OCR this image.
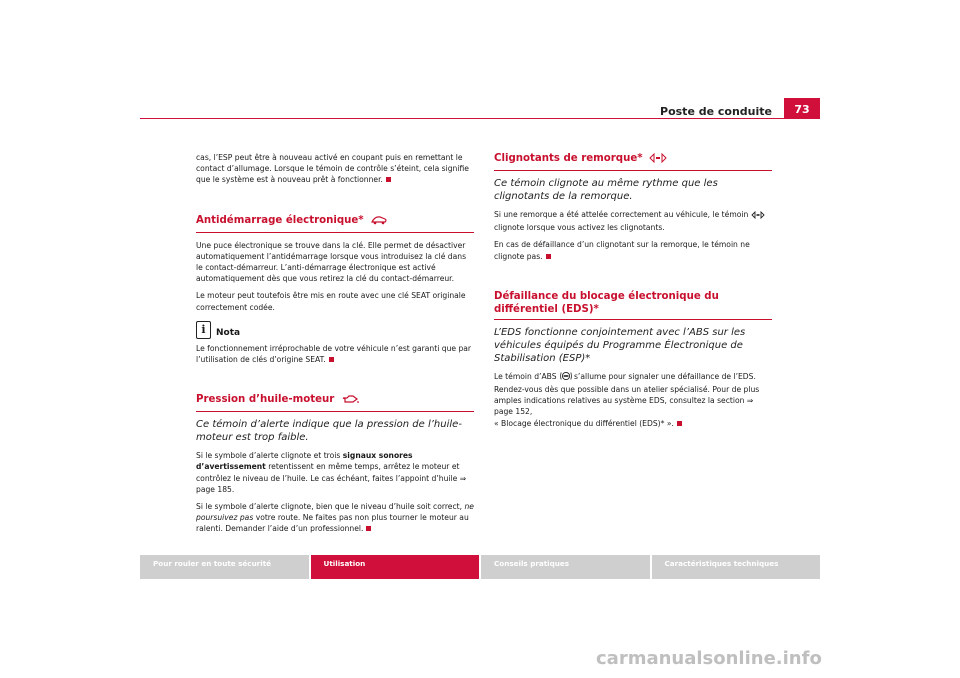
Poste de conduite	73

cas, l’ESP peut être à nouveau activé en coupant puis en remettant le contact d’allumage. Lorsque le témoin de contrôle s’éteint, cela signifie que le système est à nouveau prêt à fonctionner.

Antidémarrage électronique*

Une puce électronique se trouve dans la clé. Elle permet de désactiver automatiquement l’antidémarrage lorsque vous introduisez la clé dans le contact-démarreur. L’anti-démarrage électronique est activé automatiquement dès que vous retirez la clé du contact-démarreur.

Le moteur peut toutefois être mis en route avec une clé SEAT originale correctement codée.

i	Nota

Le fonctionnement irréprochable de votre véhicule n’est garanti que par l’utilisation de clés d’origine SEAT.

Pression d’huile-moteur
Ce témoin d’alerte indique que la pression de l’huile-moteur est trop faible.

Si le symbole d’alerte clignote et trois signaux sonores d’avertissement retentissent en même temps, arrêtez le moteur et contrôlez le niveau de l’huile. Le cas échéant, faites l’appoint d’huile ⇒ page 185.

Si le symbole d’alerte clignote, bien que le niveau d’huile soit correct, ne poursuivez pas votre route. Ne faites pas non plus tourner le moteur au ralenti. Demander l’aide d’un professionnel.

Clignotants de remorque*
Ce témoin clignote au même rythme que les clignotants de la remorque.

Si une remorque a été attelée correctement au véhicule, le témoin clignote lorsque vous activez les clignotants.

En cas de défaillance d’un clignotant sur la remorque, le témoin ne clignote pas.

Défaillance du blocage électronique du différentiel (EDS)*
L’EDS fonctionne conjointement avec l’ABS sur les véhicules équipés du Programme Électronique de Stabilisation (ESP)*

Le témoin d’ABS s’allume pour signaler une défaillance de l’EDS. Rendez-vous dès que possible dans un atelier spécialisé. Pour de plus amples indications relatives au système EDS, consultez la section ⇒ page 152,
« Blocage électronique du différentiel (EDS)* ».

Pour rouler en toute sécurité	Utilisation	Conseils pratiques	Caractéristiques techniques
carmanualsonline.info
